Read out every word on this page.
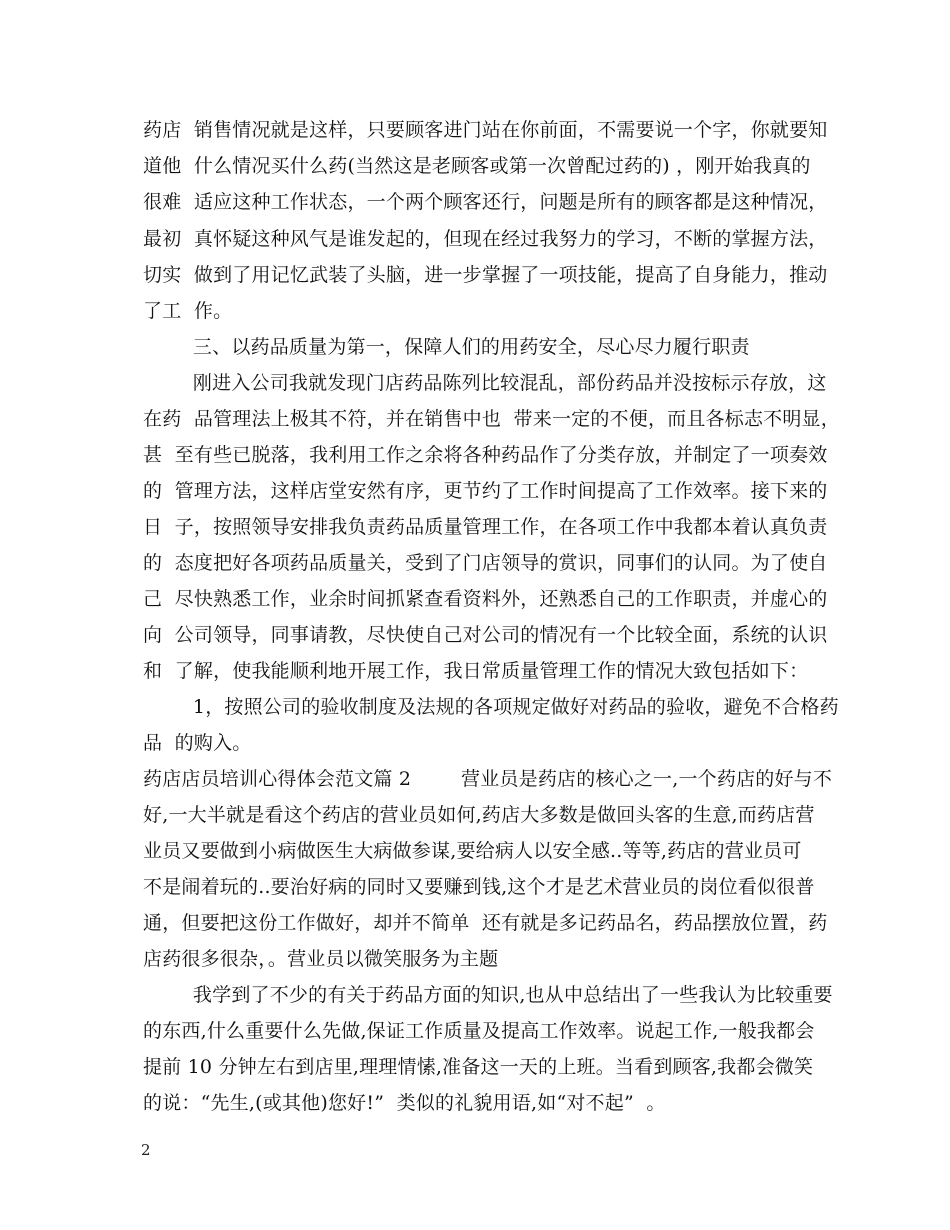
药店  销售情况就是这样，只要顾客进门站在你前面，不需要说一个字，你就要知
道他  什么情况买什么药(当然这是老顾客或第一次曾配过药的) ，刚开始我真的
很难  适应这种工作状态，一个两个顾客还行，问题是所有的顾客都是这种情况，
最初  真怀疑这种风气是谁发起的，但现在经过我努力的学习，不断的掌握方法，
切实  做到了用记忆武装了头脑，进一步掌握了一项技能，提高了自身能力，推动
了工  作。
三、以药品质量为第一，保障人们的用药安全，尽心尽力履行职责
刚进入公司我就发现门店药品陈列比较混乱，部份药品并没按标示存放，这
在药  品管理法上极其不符，并在销售中也  带来一定的不便，而且各标志不明显，
甚  至有些已脱落，我利用工作之余将各种药品作了分类存放，并制定了一项奏效
的  管理方法，这样店堂安然有序，更节约了工作时间提高了工作效率。接下来的
日  子，按照领导安排我负责药品质量管理工作，在各项工作中我都本着认真负责
的  态度把好各项药品质量关，受到了门店领导的赏识，同事们的认同。为了使自
己  尽快熟悉工作，业余时间抓紧查看资料外，还熟悉自己的工作职责，并虚心的
向  公司领导，同事请教，尽快使自己对公司的情况有一个比较全面，系统的认识
和  了解，使我能顺利地开展工作，我日常质量管理工作的情况大致包括如下：
1，按照公司的验收制度及法规的各项规定做好对药品的验收，避免不合格药
品  的购入。
药店店员培训心得体会范文篇 2        营业员是药店的核心之一,一个药店的好与不
好,一大半就是看这个药店的营业员如何,药店大多数是做回头客的生意,而药店营
业员又要做到小病做医生大病做参谋,要给病人以安全感..等等,药店的营业员可
不是闹着玩的..要治好病的同时又要赚到钱,这个才是艺术营业员的岗位看似很普
通，但要把这份工作做好，却并不简单  还有就是多记药品名，药品摆放位置，药
店药很多很杂，。营业员以微笑服务为主题
我学到了不少的有关于药品方面的知识,也从中总结出了一些我认为比较重要
的东西,什么重要什么先做,保证工作质量及提高工作效率。说起工作,一般我都会
提前 10 分钟左右到店里,理理情愫,准备这一天的上班。当看到顾客,我都会微笑
的说：“先生,(或其他)您好!”  类似的礼貌用语,如“对不起”  。
2
